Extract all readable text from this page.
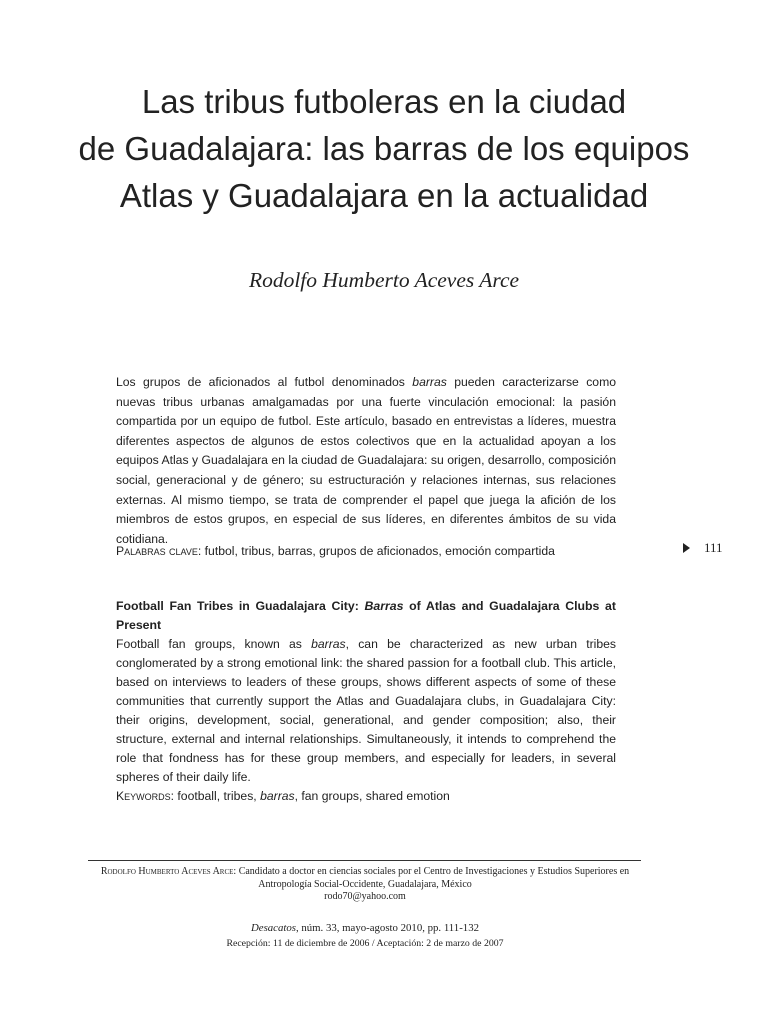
Las tribus futboleras en la ciudad
de Guadalajara: las barras de los equipos
Atlas y Guadalajara en la actualidad
Rodolfo Humberto Aceves Arce

Los grupos de aficionados al futbol denominados barras pueden caracterizarse como nuevas tribus urbanas amalgamadas por una fuerte vinculación emocional: la pasión compartida por un equipo de futbol. Este artículo, basado en entrevistas a líderes, muestra diferentes aspectos de algunos de estos colectivos que en la actualidad apoyan a los equipos Atlas y Guadalajara en la ciudad de Guadalajara: su origen, desarrollo, composición social, generacional y de género; su estructuración y relaciones internas, sus relaciones externas. Al mismo tiempo, se trata de comprender el papel que juega la afición de los miembros de estos grupos, en especial de sus líderes, en diferentes ámbitos de su vida cotidiana.

Palabras clave: futbol, tribus, barras, grupos de aficionados, emoción compartida	111

Football Fan Tribes in Guadalajara City: Barras of Atlas and Guadalajara Clubs at Present

Football fan groups, known as barras, can be characterized as new urban tribes conglomerated by a strong emotional link: the shared passion for a football club. This article, based on interviews to leaders of these groups, shows different aspects of some of these communities that currently support the Atlas and Guadalajara clubs, in Guadalajara City: their origins, development, social, generational, and gender composition; also, their structure, external and internal relationships. Simultaneously, it intends to comprehend the role that fondness has for these group members, and especially for leaders, in several spheres of their daily life.

Keywords: football, tribes, barras, fan groups, shared emotion

Rodolfo Humberto Aceves Arce: Candidato a doctor en ciencias sociales por el Centro de Investigaciones y Estudios Superiores en Antropología Social-Occidente, Guadalajara, México
rodo70@yahoo.com
Desacatos, núm. 33, mayo-agosto 2010, pp. 111-132
Recepción: 11 de diciembre de 2006 / Aceptación: 2 de marzo de 2007
